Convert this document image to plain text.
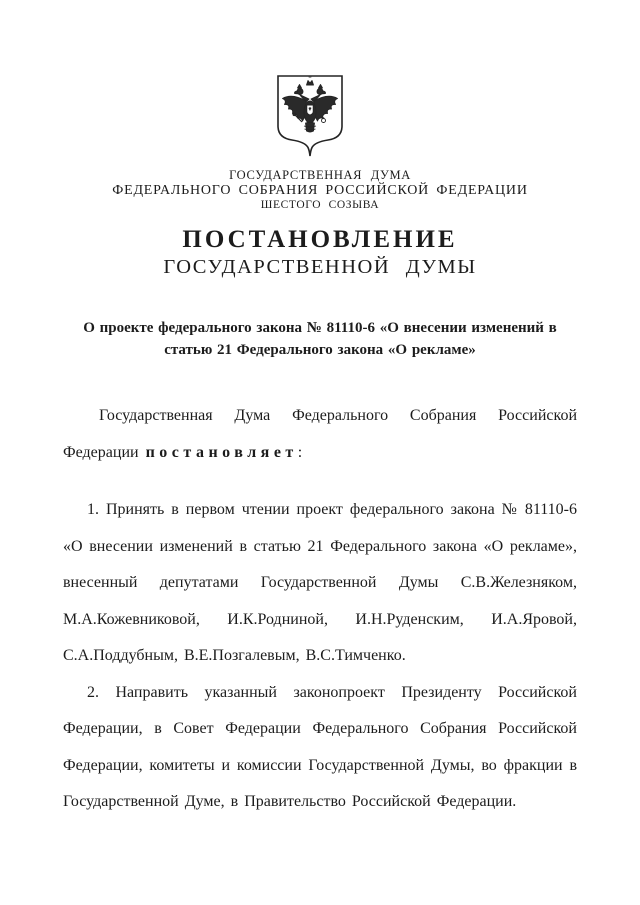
ГОСУДАРСТВЕННАЯ ДУМА
ФЕДЕРАЛЬНОГО СОБРАНИЯ РОССИЙСКОЙ ФЕДЕРАЦИИ
ШЕСТОГО СОЗЫВА
ПОСТАНОВЛЕНИЕ
ГОСУДАРСТВЕННОЙ ДУМЫ
О проекте федерального закона № 81110-6 «О внесении изменений в статью 21 Федерального закона «О рекламе»

Государственная Дума Федерального Собрания Российской Федерации постановляет:

1. Принять в первом чтении проект федерального закона № 81110-6 «О внесении изменений в статью 21 Федерального закона «О рекламе», внесенный депутатами Государственной Думы С.В.Железняком, М.А.Кожевниковой, И.К.Родниной, И.Н.Руденским, И.А.Яровой, С.А.Поддубным, В.Е.Позгалевым, В.С.Тимченко.

2. Направить указанный законопроект Президенту Российской Федерации, в Совет Федерации Федерального Собрания Российской Федерации, комитеты и комиссии Государственной Думы, во фракции в Государственной Думе, в Правительство Российской Федерации.
